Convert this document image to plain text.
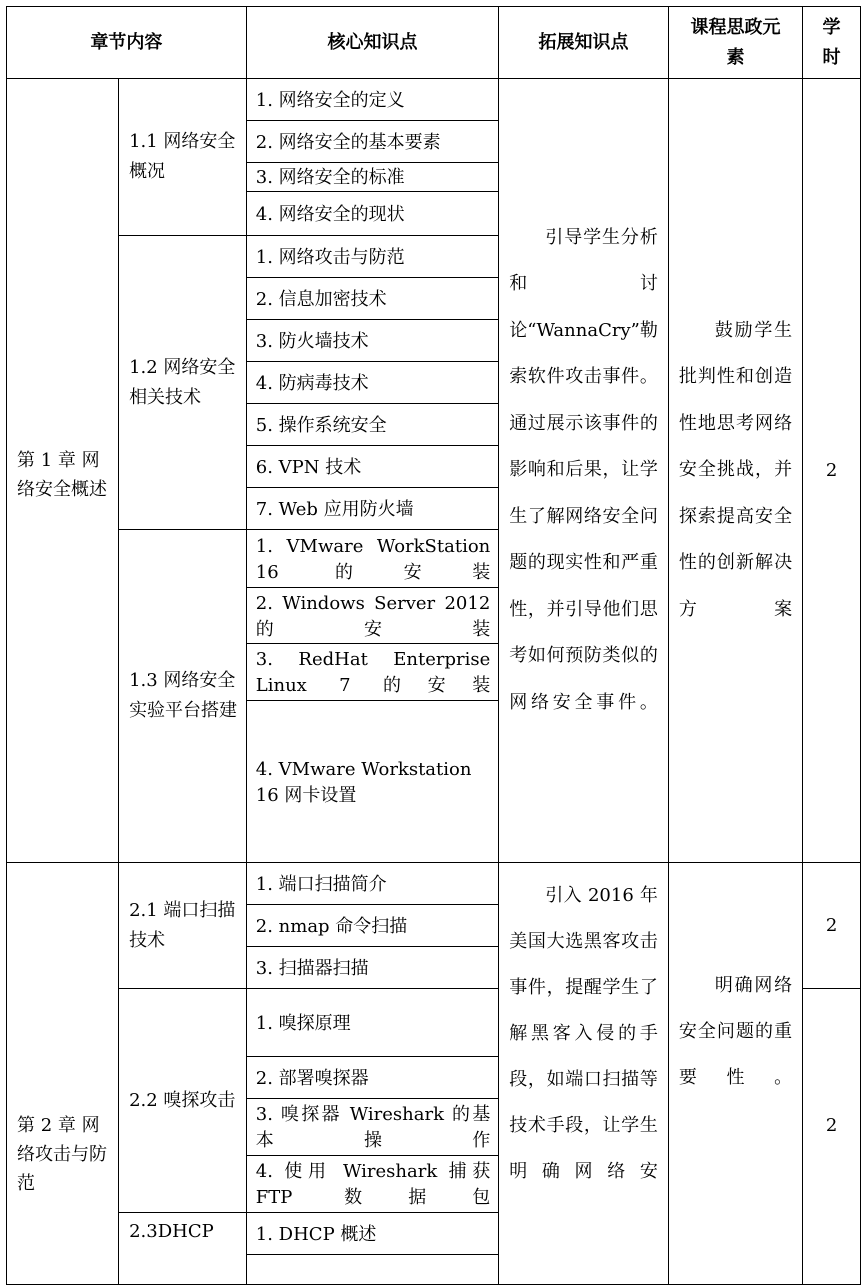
章节内容		核心知识点	拓展知识点	课程思政元素	学时
第 1 章 网络安全概述	1.1 网络安全概况	1. 网络安全的定义	引导学生分析和讨论“WannaCry”勒索软件攻击事件。通过展示该事件的影响和后果，让学生了解网络安全问题的现实性和严重性，并引导他们思考如何预防类似的网络安全事件。	鼓励学生批判性和创造性地思考网络安全挑战，并探索提高安全性的创新解决方案	2
		2. 网络安全的基本要素			
		3. 网络安全的标准			
		4. 网络安全的现状			
	1.2 网络安全相关技术	1. 网络攻击与防范			
		2. 信息加密技术			
		3. 防火墙技术			
		4. 防病毒技术			
		5. 操作系统安全			
		6. VPN 技术			
		7. Web 应用防火墙			
	1.3 网络安全实验平台搭建	1. VMware WorkStation 16 的安装			
		2. Windows Server 2012 的安装			
		3. RedHat Enterprise Linux 7 的安装			
		4. VMware Workstation 16 网卡设置			
第 2 章 网络攻击与防范	2.1 端口扫描技术	1. 端口扫描简介	引入 2016 年美国大选黑客攻击事件，提醒学生了解黑客入侵的手段，如端口扫描等技术手段，让学生明确网络安	明确网络安全问题的重要性。	2
		2. nmap 命令扫描			
		3. 扫描器扫描			
	2.2 嗅探攻击	1. 嗅探原理			2
		2. 部署嗅探器			
		3. 嗅探器 Wireshark 的基本操作			
		4. 使用 Wireshark 捕获 FTP 数据包			
	2.3DHCP	1. DHCP 概述			
